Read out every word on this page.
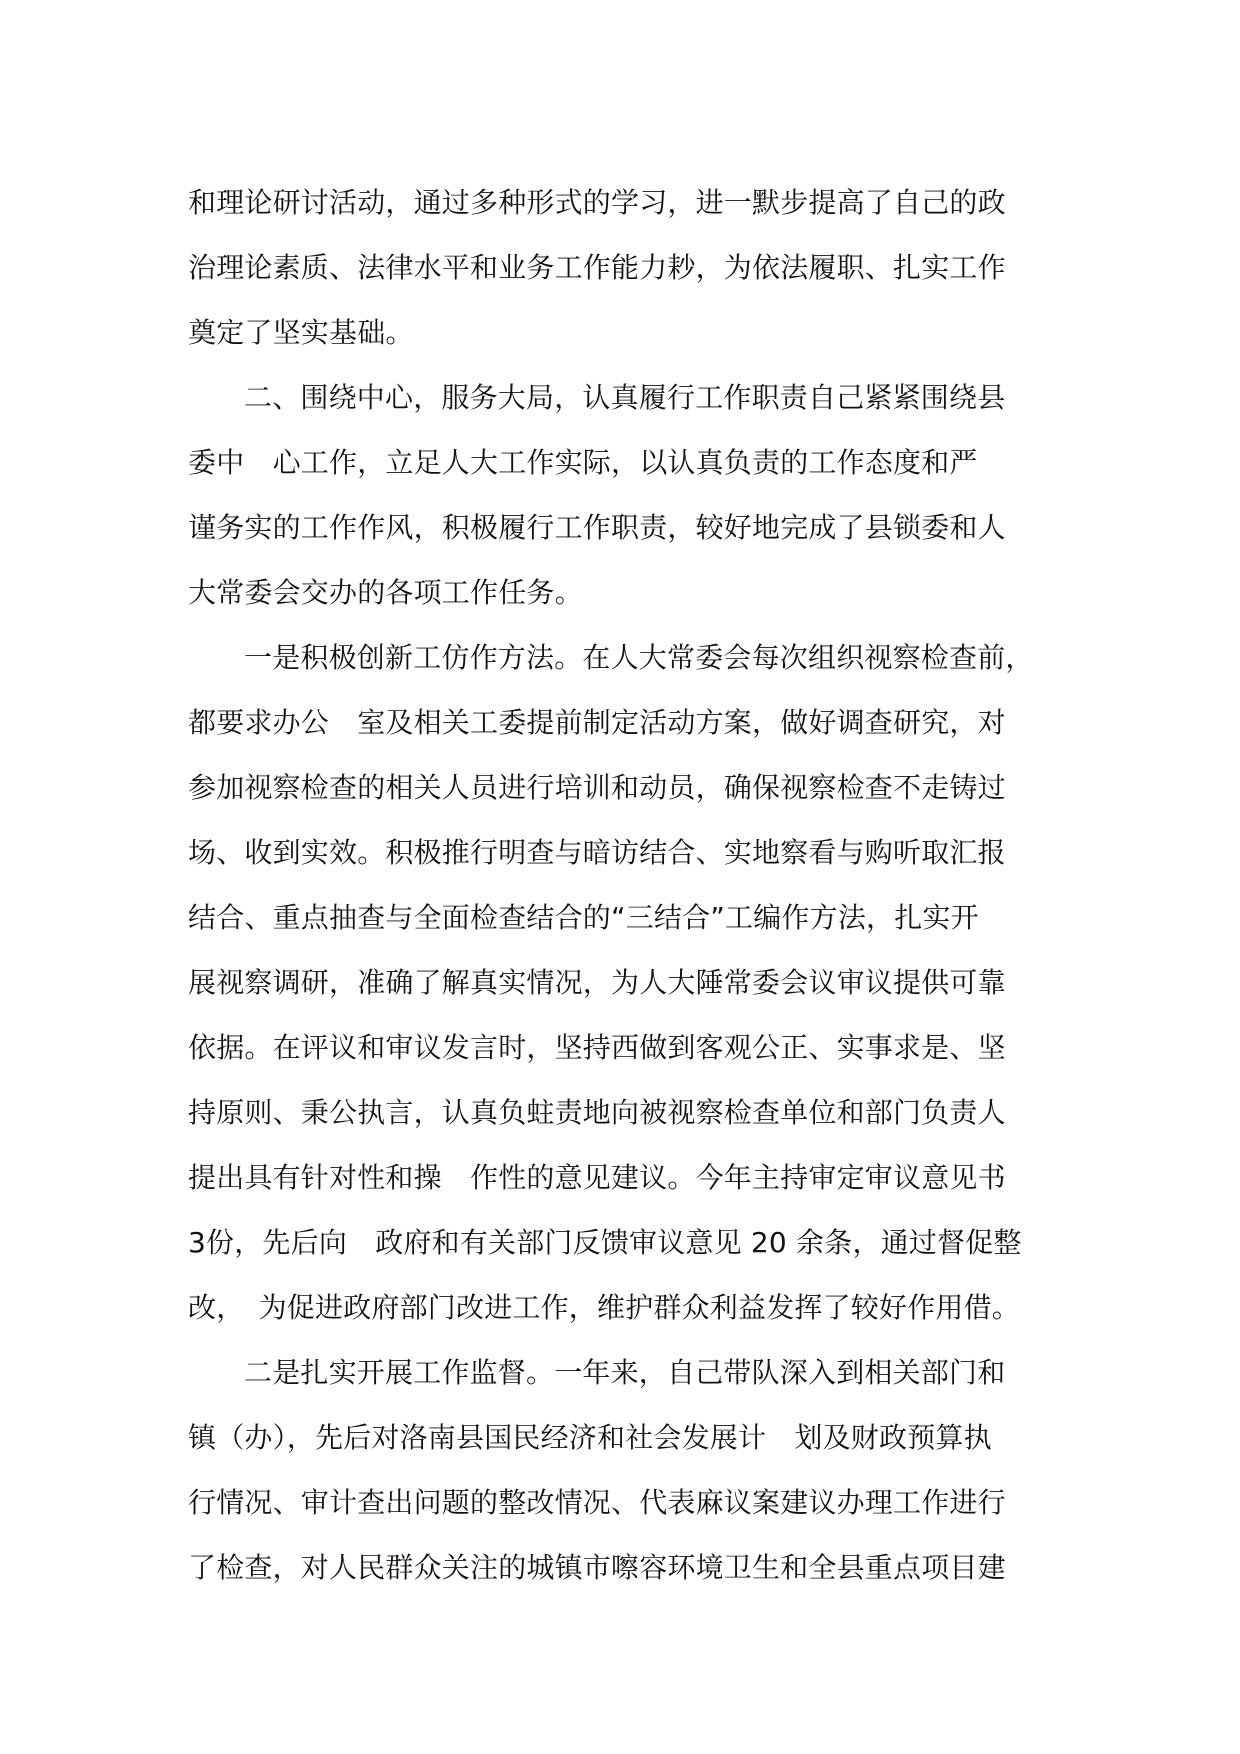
和理论研讨活动，通过多种形式的学习，进一默步提高了自己的政
治理论素质、法律水平和业务工作能力耖，为依法履职、扎实工作
奠定了坚实基础。
二、围绕中心，服务大局，认真履行工作职责自己紧紧围绕县
委中　心工作，立足人大工作实际，以认真负责的工作态度和严
谨务实的工作作风，积极履行工作职责，较好地完成了县锁委和人
大常委会交办的各项工作任务。
一是积极创新工仿作方法。在人大常委会每次组织视察检查前，
都要求办公　室及相关工委提前制定活动方案，做好调查研究，对
参加视察检查的相关人员进行培训和动员，确保视察检查不走铸过
场、收到实效。积极推行明查与暗访结合、实地察看与购听取汇报
结合、重点抽查与全面检查结合的“三结合”工编作方法，扎实开
展视察调研，准确了解真实情况，为人大陲常委会议审议提供可靠
依据。在评议和审议发言时，坚持西做到客观公正、实事求是、坚
持原则、秉公执言，认真负蛀责地向被视察检查单位和部门负责人
提出具有针对性和操　作性的意见建议。今年主持审定审议意见书
3份，先后向　政府和有关部门反馈审议意见 20 余条，通过督促整
改，　为促进政府部门改进工作，维护群众利益发挥了较好作用借。
二是扎实开展工作监督。一年来，自己带队深入到相关部门和
镇（办），先后对洛南县国民经济和社会发展计　划及财政预算执
行情况、审计查出问题的整改情况、代表麻议案建议办理工作进行
了检查，对人民群众关注的城镇市嚓容环境卫生和全县重点项目建
